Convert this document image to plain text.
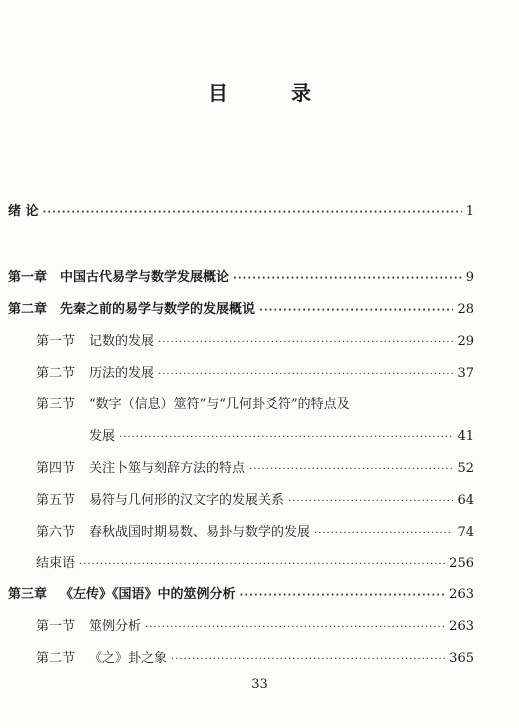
目 录
绪 论 ·····	1
第一章 中国古代易学与数学发展概论 ·····	9
第二章 先秦之前的易学与数学的发展概说 ·····	28
第一节 记数的发展 ·····	29
第二节 历法的发展 ·····	37
第三节 “数字（信息）筮符”与“几何卦爻符”的特点及
发展 ·····	41
第四节 关注卜筮与刻辞方法的特点 ·····	52
第五节 易符与几何形的汉文字的发展关系 ·····	64
第六节 春秋战国时期易数、易卦与数学的发展 ·····	74
结束语 ·····	256
第三章 《左传》《国语》中的筮例分析 ·····	263
第一节 筮例分析 ·····	263
第二节 《之》卦之象 ·····	365
33
